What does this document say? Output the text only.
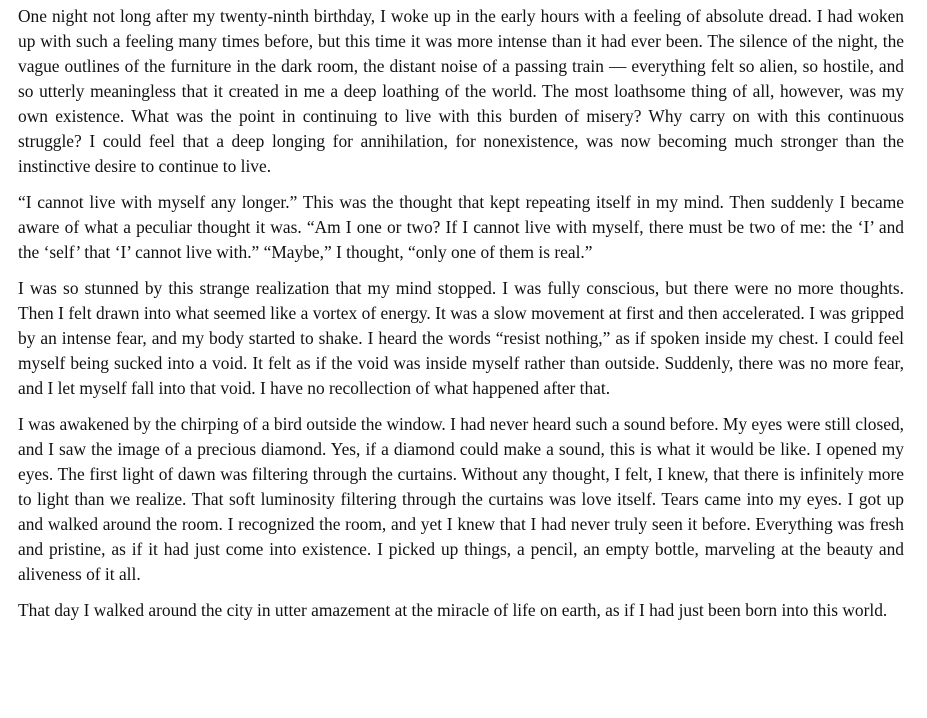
One night not long after my twenty-ninth birthday, I woke up in the early hours with a feeling of absolute dread. I had woken up with such a feeling many times before, but this time it was more intense than it had ever been. The silence of the night, the vague outlines of the furniture in the dark room, the distant noise of a passing train — everything felt so alien, so hostile, and so utterly meaningless that it created in me a deep loathing of the world. The most loathsome thing of all, however, was my own existence. What was the point in continuing to live with this burden of misery? Why carry on with this continuous struggle? I could feel that a deep longing for annihilation, for nonexistence, was now becoming much stronger than the instinctive desire to continue to live.

“I cannot live with myself any longer.” This was the thought that kept repeating itself in my mind. Then suddenly I became aware of what a peculiar thought it was. “Am I one or two? If I cannot live with myself, there must be two of me: the ‘I’ and the ‘self’ that ‘I’ cannot live with.” “Maybe,” I thought, “only one of them is real.”

I was so stunned by this strange realization that my mind stopped. I was fully conscious, but there were no more thoughts. Then I felt drawn into what seemed like a vortex of energy. It was a slow movement at first and then accelerated. I was gripped by an intense fear, and my body started to shake. I heard the words “resist nothing,” as if spoken inside my chest. I could feel myself being sucked into a void. It felt as if the void was inside myself rather than outside. Suddenly, there was no more fear, and I let myself fall into that void. I have no recollection of what happened after that.

I was awakened by the chirping of a bird outside the window. I had never heard such a sound before. My eyes were still closed, and I saw the image of a precious diamond. Yes, if a diamond could make a sound, this is what it would be like. I opened my eyes. The first light of dawn was filtering through the curtains. Without any thought, I felt, I knew, that there is infinitely more to light than we realize. That soft luminosity filtering through the curtains was love itself. Tears came into my eyes. I got up and walked around the room. I recognized the room, and yet I knew that I had never truly seen it before. Everything was fresh and pristine, as if it had just come into existence. I picked up things, a pencil, an empty bottle, marveling at the beauty and aliveness of it all.

That day I walked around the city in utter amazement at the miracle of life on earth, as if I had just been born into this world.
